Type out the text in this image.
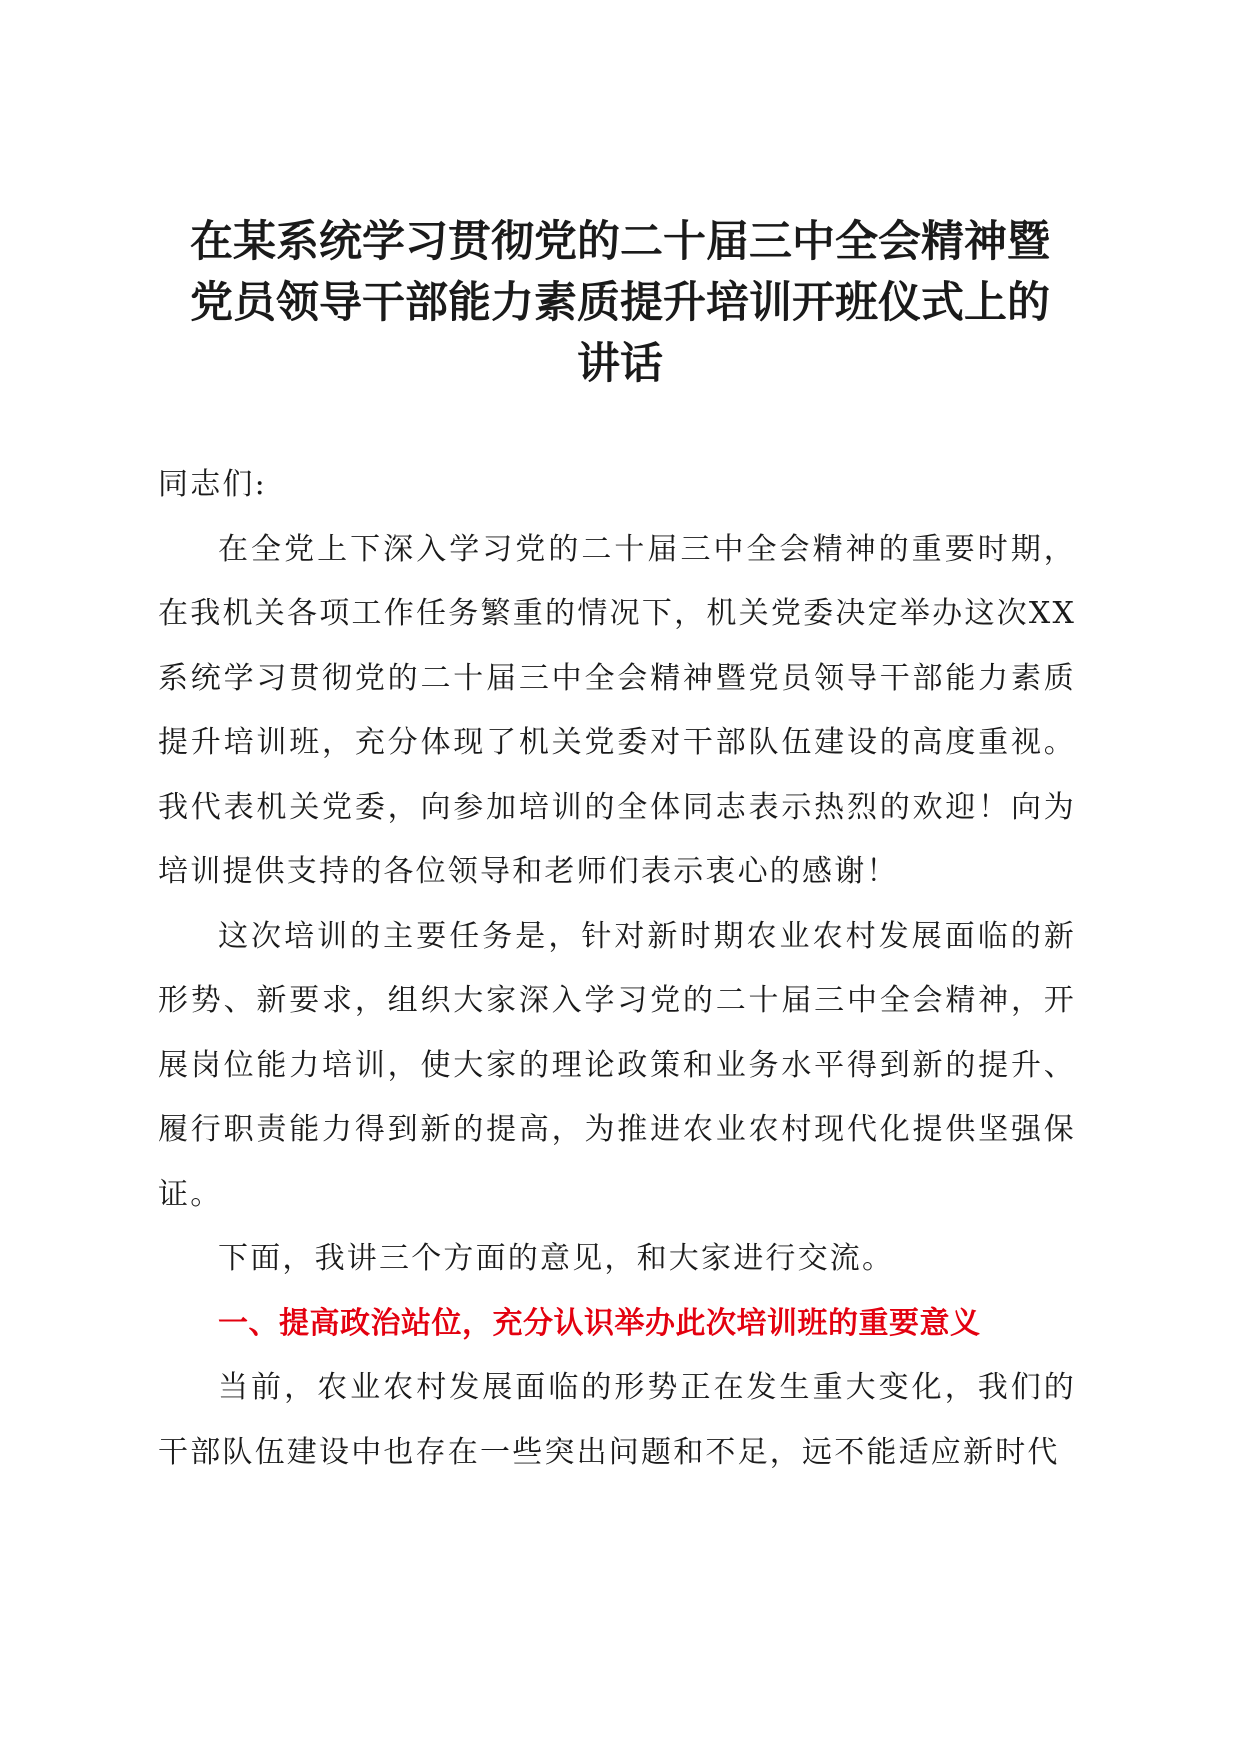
在某系统学习贯彻党的二十届三中全会精神暨
党员领导干部能力素质提升培训开班仪式上的
讲话

同志们:

在全党上下深入学习党的二十届三中全会精神的重要时期，在我机关各项工作任务繁重的情况下，机关党委决定举办这次XX系统学习贯彻党的二十届三中全会精神暨党员领导干部能力素质提升培训班，充分体现了机关党委对干部队伍建设的高度重视。我代表机关党委，向参加培训的全体同志表示热烈的欢迎！向为培训提供支持的各位领导和老师们表示衷心的感谢！

这次培训的主要任务是，针对新时期农业农村发展面临的新形势、新要求，组织大家深入学习党的二十届三中全会精神，开展岗位能力培训，使大家的理论政策和业务水平得到新的提升、履行职责能力得到新的提高，为推进农业农村现代化提供坚强保证。

下面，我讲三个方面的意见，和大家进行交流。

一、提高政治站位，充分认识举办此次培训班的重要意义

当前，农业农村发展面临的形势正在发生重大变化，我们的干部队伍建设中也存在一些突出问题和不足，远不能适应新时代
